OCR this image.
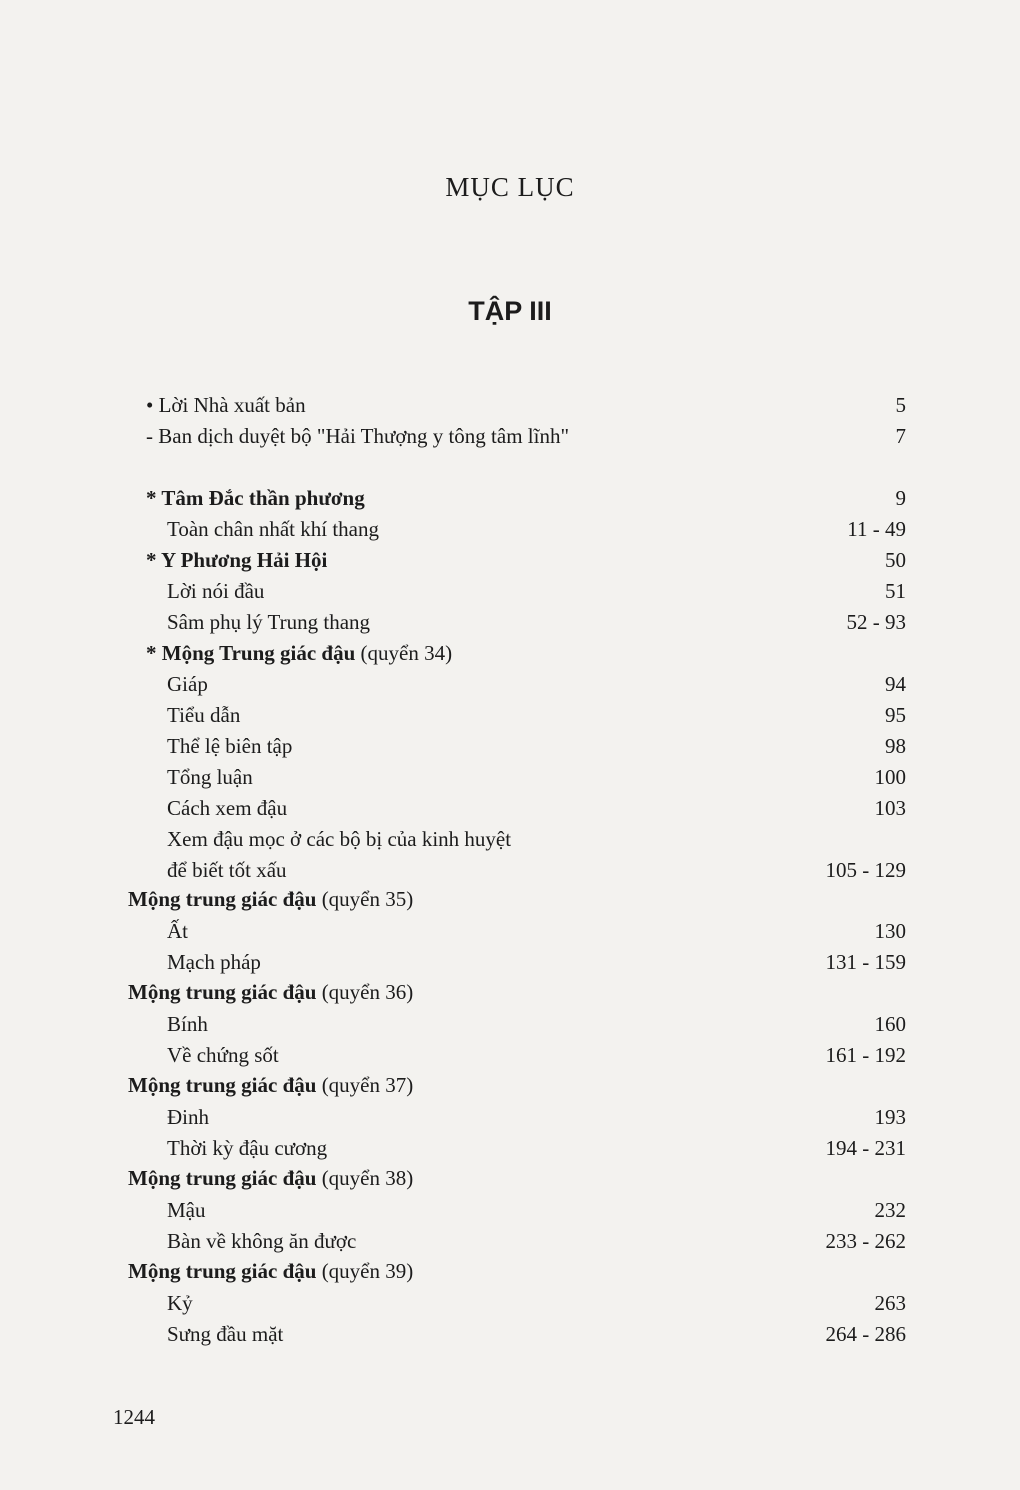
MỤC LỤC
TẬP III
• Lời Nhà xuất bản	5
- Ban dịch duyệt bộ "Hải Thượng y tông tâm lĩnh"	7
* Tâm Đắc thần phương	9
Toàn chân nhất khí thang	11 - 49
* Y Phương Hải Hội	50
Lời nói đầu	51
Sâm phụ lý Trung thang	52 - 93
* Mộng Trung giác đậu (quyển 34)
Giáp	94
Tiểu dẫn	95
Thể lệ biên tập	98
Tổng luận	100
Cách xem đậu	103
Xem đậu mọc ở các bộ bị của kinh huyệt
để biết tốt xấu	105 - 129
Mộng trung giác đậu (quyển 35)
Ất	130
Mạch pháp	131 - 159
Mộng trung giác đậu (quyển 36)
Bính	160
Về chứng sốt	161 - 192
Mộng trung giác đậu (quyển 37)
Đinh	193
Thời kỳ đậu cương	194 - 231
Mộng trung giác đậu (quyển 38)
Mậu	232
Bàn về không ăn được	233 - 262
Mộng trung giác đậu (quyển 39)
Kỷ	263
Sưng đầu mặt	264 - 286
1244
